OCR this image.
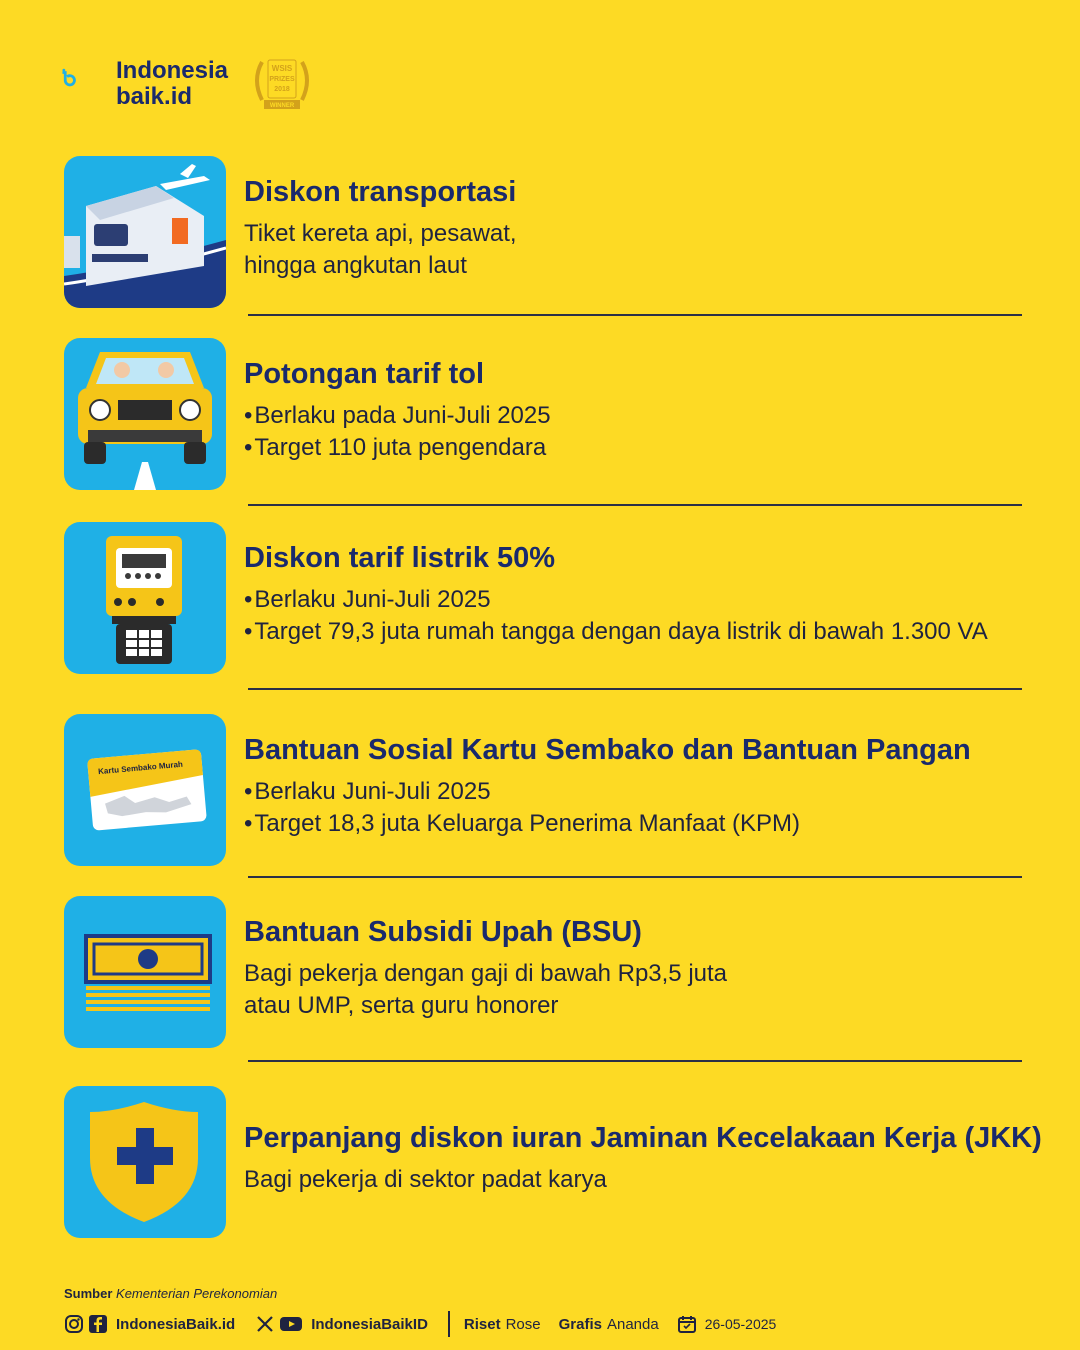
Indonesia
baik.id
WSIS
PRIZES
2018
WINNER
Diskon transportasi
Tiket kereta api, pesawat,
hingga angkutan laut
Potongan tarif tol
• Berlaku pada Juni-Juli 2025
• Target 110 juta pengendara
Diskon tarif listrik 50%
• Berlaku Juni-Juli 2025
• Target 79,3 juta rumah tangga dengan daya listrik di bawah 1.300 VA
Kartu Sembako Murah
Bantuan Sosial Kartu Sembako dan Bantuan Pangan
• Berlaku Juni-Juli 2025
• Target 18,3 juta Keluarga Penerima Manfaat (KPM)
Bantuan Subsidi Upah (BSU)
Bagi pekerja dengan gaji di bawah Rp3,5 juta
atau UMP, serta guru honorer
Perpanjang diskon iuran Jaminan Kecelakaan Kerja (JKK)
Bagi pekerja di sektor padat karya
Sumber Kementerian Perekonomian
IndonesiaBaik.id	IndonesiaBaikID Riset Rose Grafis Ananda	26-05-2025
